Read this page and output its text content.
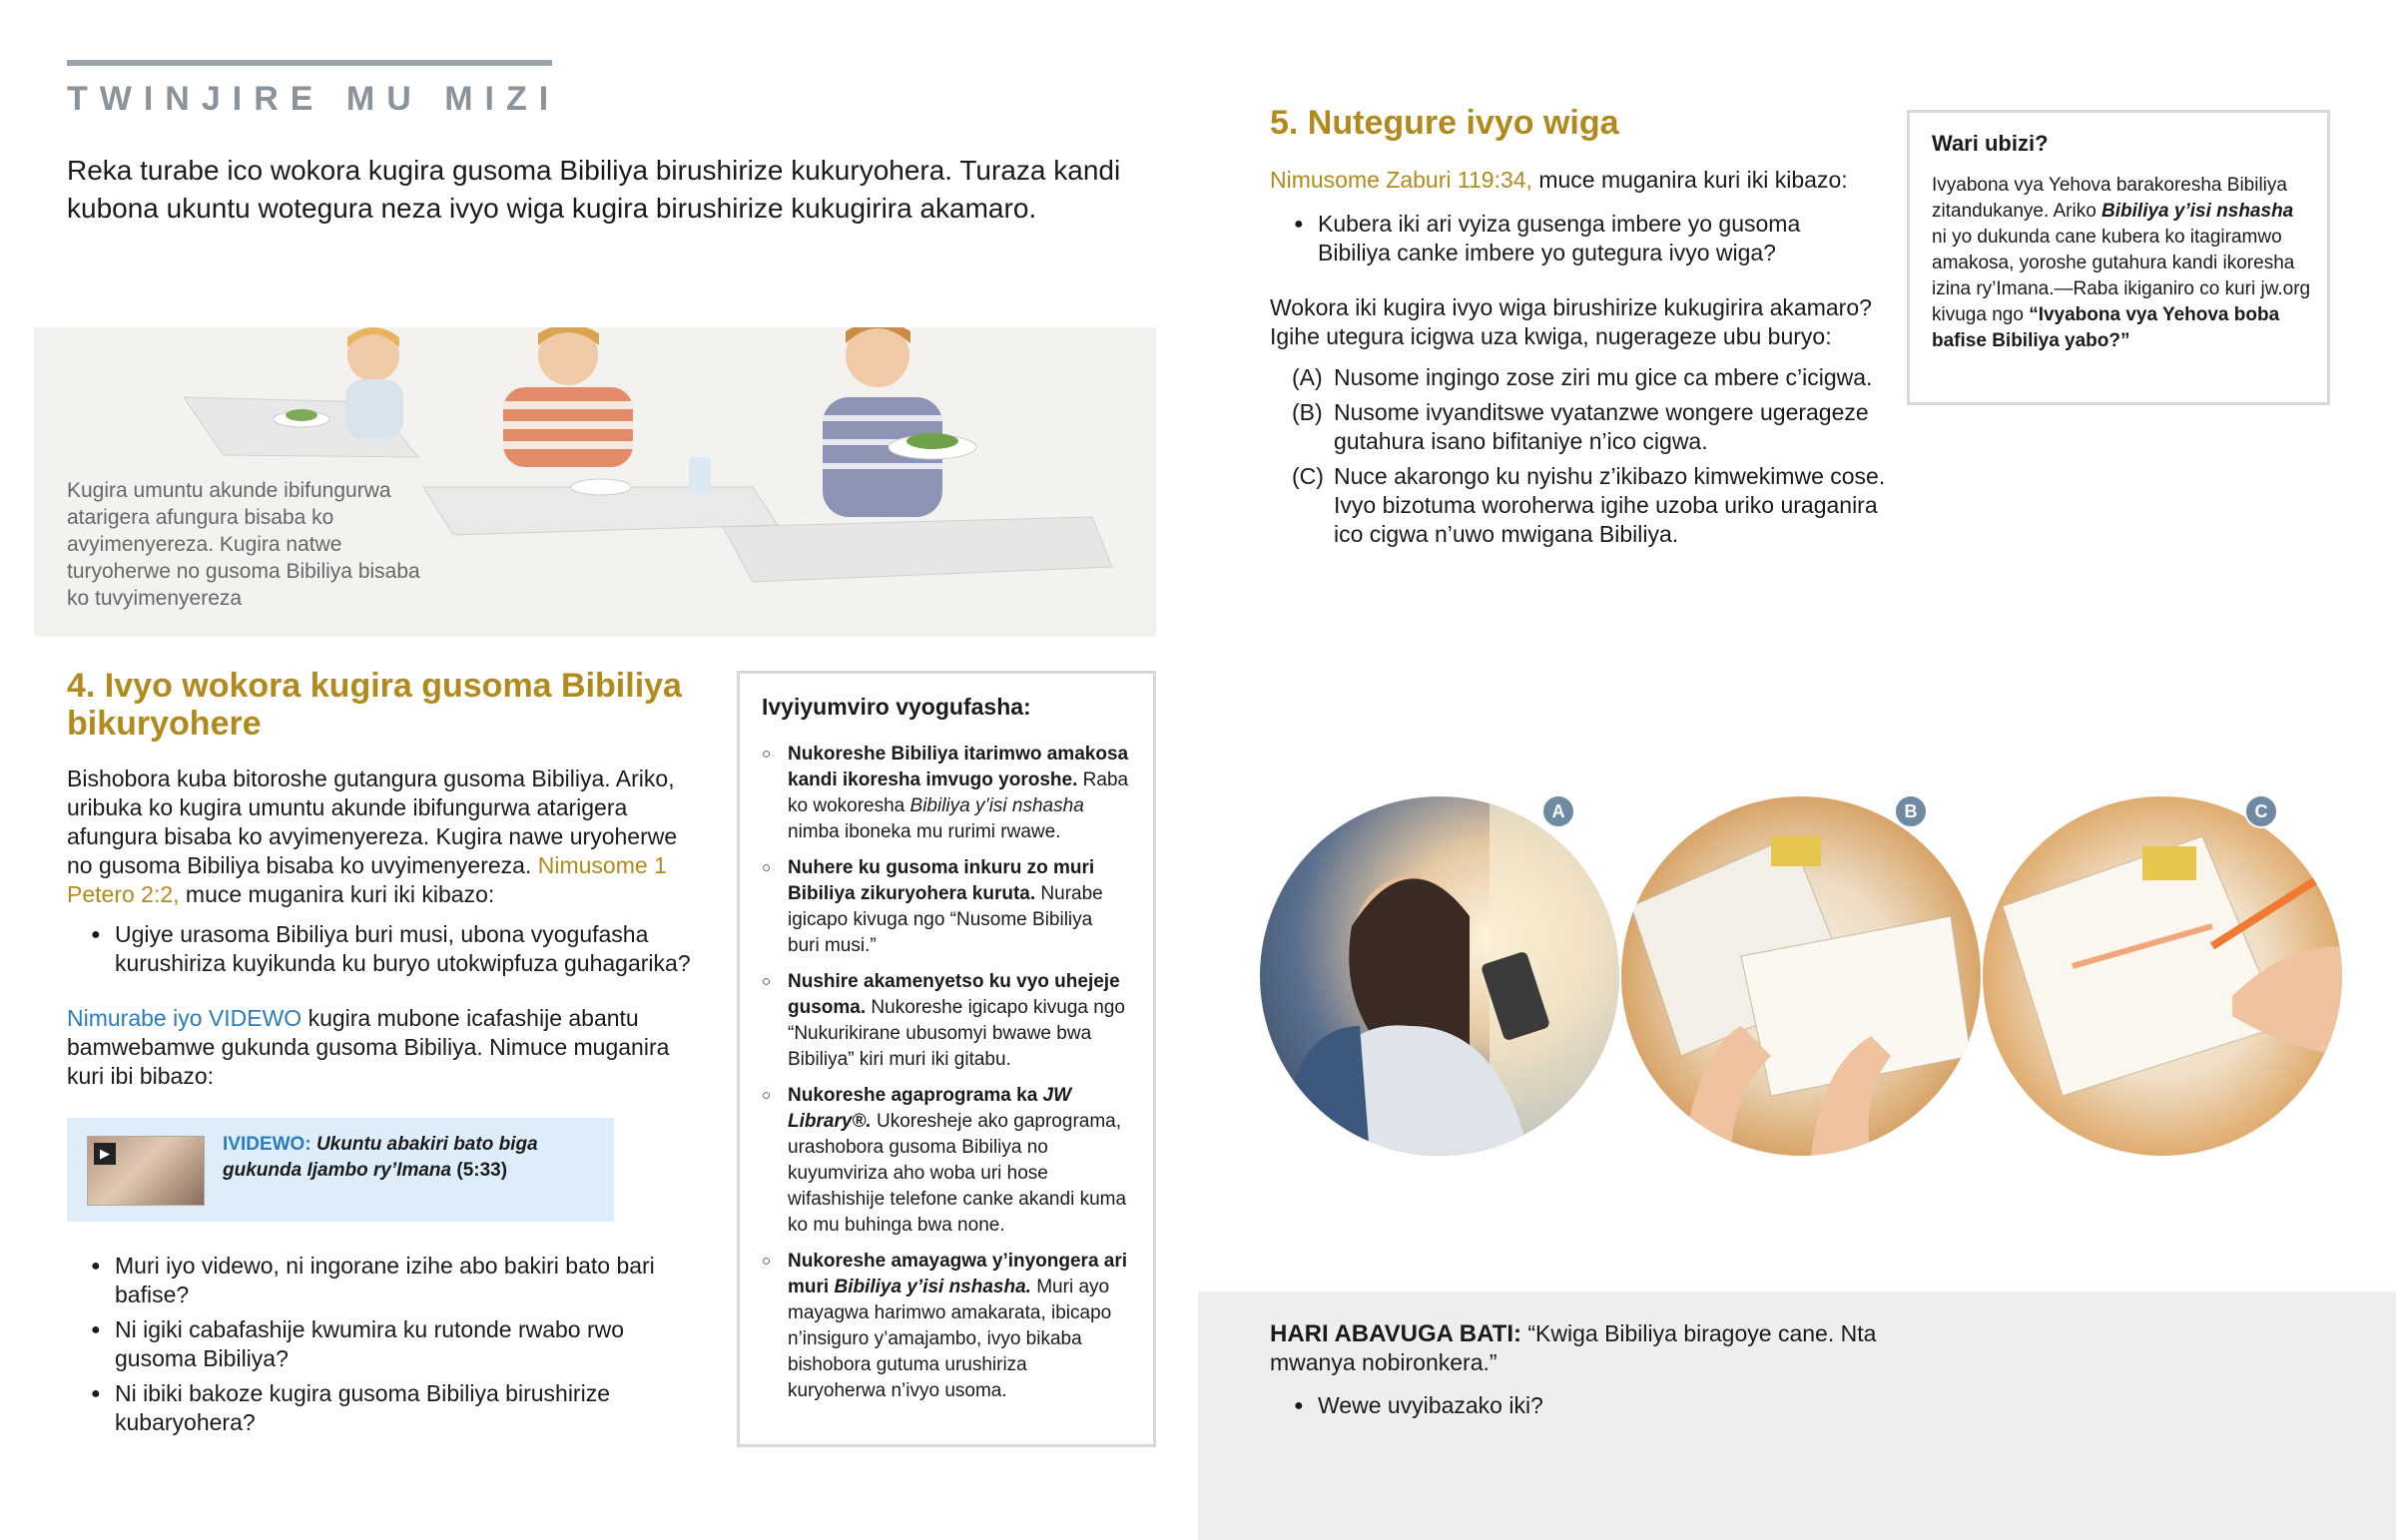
TWINJIRE MU MIZI
Reka turabe ico wokora kugira gusoma Bibiliya birushirize kukuryohera. Turaza kandi kubona ukuntu wotegura neza ivyo wiga kugira birushirize kukugirira akamaro.
Kugira umuntu akunde ibifungurwa atarigera afungura bisaba ko avyimenyereza. Kugira natwe turyoherwe no gusoma Bibiliya bisaba ko tuvyimenyereza
4. Ivyo wokora kugira gusoma Bibiliya bikuryohere
Bishobora kuba bitoroshe gutangura gusoma Bibiliya. Ariko, uribuka ko kugira umuntu akunde ibifungurwa atarigera afungura bisaba ko avyimenyereza. Kugira nawe uryoherwe no gusoma Bibiliya bisaba ko uvyimenyereza. Nimusome 1 Petero 2:2, muce muganira kuri iki kibazo:
● Ugiye urasoma Bibiliya buri musi, ubona vyogufasha kurushiriza kuyikunda ku buryo utokwipfuza guhagarika?
Nimurabe iyo VIDEWO kugira mubone icafashije abantu bamwebamwe gukunda gusoma Bibiliya. Nimuce muganira kuri ibi bibazo:
▶	IVIDEWO: Ukuntu abakiri bato biga gukunda Ijambo ry’Imana (5:33)
● Muri iyo videwo, ni ingorane izihe abo bakiri bato bari bafise?
● Ni igiki cabafashije kwumira ku rutonde rwabo rwo gusoma Bibiliya?
● Ni ibiki bakoze kugira gusoma Bibiliya birushirize kubaryohera?
Ivyiyumviro vyogufasha:
○ Nukoreshe Bibiliya itarimwo amakosa kandi ikoresha imvugo yoroshe. Raba ko wokoresha Bibiliya y’isi nshasha nimba iboneka mu rurimi rwawe.
○ Nuhere ku gusoma inkuru zo muri Bibiliya zikuryohera kuruta. Nurabe igicapo kivuga ngo “Nusome Bibiliya buri musi.”
○ Nushire akamenyetso ku vyo uhejeje gusoma. Nukoreshe igicapo kivuga ngo “Nukurikirane ubusomyi bwawe bwa Bibiliya” kiri muri iki gitabu.
○ Nukoreshe agaprograma ka JW Library®. Ukoresheje ako gaprograma, urashobora gusoma Bibiliya no kuyumviriza aho woba uri hose wifashishije telefone canke akandi kuma ko mu buhinga bwa none.
○ Nukoreshe amayagwa y’inyongera ari muri Bibiliya y’isi nshasha. Muri ayo mayagwa harimwo amakarata, ibicapo n’insiguro y’amajambo, ivyo bikaba bishobora gutuma urushiriza kuryoherwa n’ivyo usoma.
5. Nutegure ivyo wiga
Nimusome Zaburi 119:34, muce muganira kuri iki kibazo:
● Kubera iki ari vyiza gusenga imbere yo gusoma Bibiliya canke imbere yo gutegura ivyo wiga?
Wokora iki kugira ivyo wiga birushirize kukugirira akamaro? Igihe utegura icigwa uza kwiga, nugerageze ubu buryo:
(A) Nusome ingingo zose ziri mu gice ca mbere c’icigwa.
(B) Nusome ivyanditswe vyatanzwe wongere ugerageze gutahura isano bifitaniye n’ico cigwa.
(C) Nuce akarongo ku nyishu z’ikibazo kimwekimwe cose. Ivyo bizotuma woroherwa igihe uzoba uriko uraganira ico cigwa n’uwo mwigana Bibiliya.
Wari ubizi?
Ivyabona vya Yehova barakoresha Bibiliya zitandukanye. Ariko Bibiliya y’isi nshasha ni yo dukunda cane kubera ko itagiramwo amakosa, yoroshe gutahura kandi ikoresha izina ry’Imana.—Raba ikiganiro co kuri jw.org kivuga ngo “Ivyabona vya Yehova boba bafise Bibiliya yabo?”
A	B	C
HARI ABAVUGA BATI: “Kwiga Bibiliya biragoye cane. Nta mwanya nobironkera.”
● Wewe uvyibazako iki?
